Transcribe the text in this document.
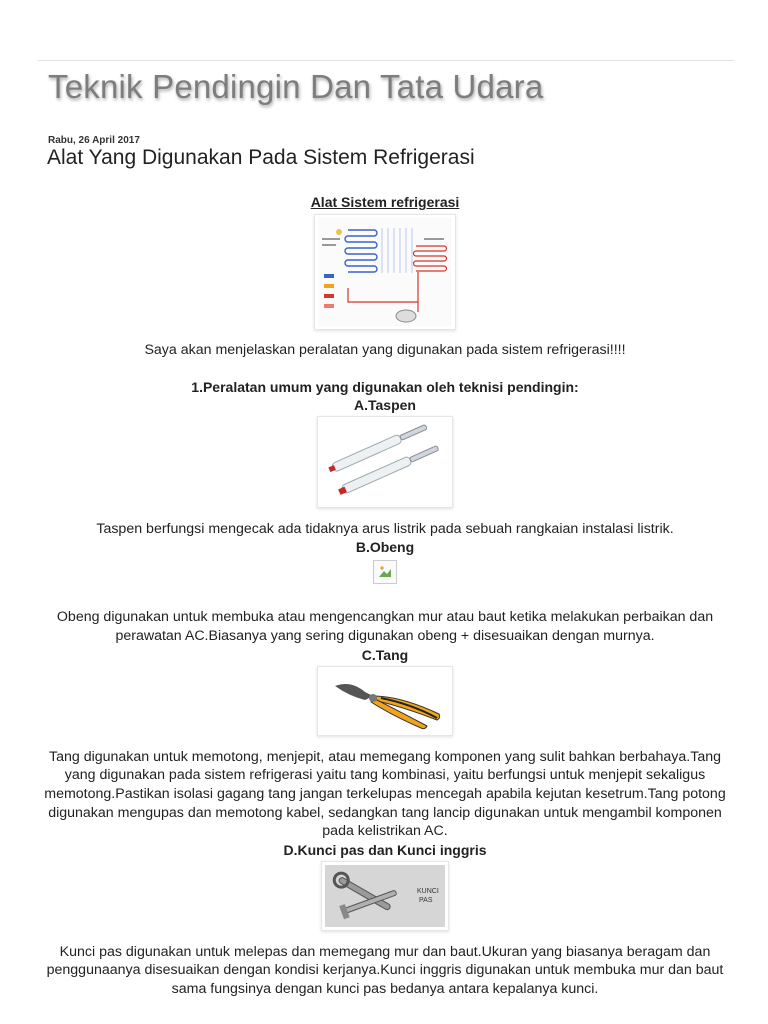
Teknik Pendingin Dan Tata Udara
Rabu, 26 April 2017
Alat Yang Digunakan Pada Sistem Refrigerasi

Alat Sistem refrigerasi

Saya akan menjelaskan peralatan yang digunakan pada sistem refrigerasi!!!!

1.Peralatan umum yang digunakan oleh teknisi pendingin:

A.Taspen

Taspen berfungsi mengecak ada tidaknya arus listrik pada sebuah rangkaian instalasi listrik.

B.Obeng

Obeng digunakan untuk membuka atau mengencangkan mur atau baut ketika melakukan perbaikan dan perawatan AC.Biasanya yang sering digunakan obeng + disesuaikan dengan murnya.

C.Tang

Tang digunakan untuk memotong, menjepit, atau memegang komponen yang sulit bahkan berbahaya.Tang yang digunakan pada sistem refrigerasi yaitu tang kombinasi, yaitu berfungsi untuk menjepit sekaligus memotong.Pastikan isolasi gagang tang jangan terkelupas mencegah apabila kejutan kesetrum.Tang potong digunakan mengupas dan memotong kabel, sedangkan tang lancip digunakan untuk mengambil komponen pada kelistrikan AC.

D.Kunci pas dan Kunci inggris

KUNCI
PAS

Kunci pas digunakan untuk melepas dan memegang mur dan baut.Ukuran yang biasanya beragam dan penggunaanya disesuaikan dengan kondisi kerjanya.Kunci inggris digunakan untuk membuka mur dan baut sama fungsinya dengan kunci pas bedanya antara kepalanya kunci.
